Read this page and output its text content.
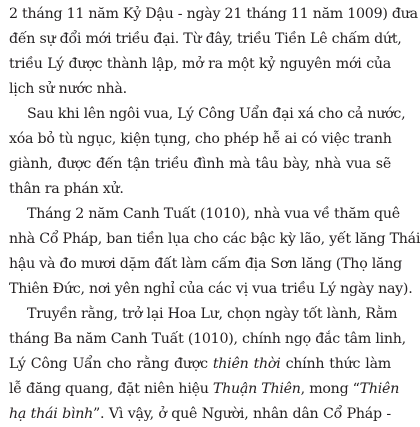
2 tháng 11 năm Kỷ Dậu - ngày 21 tháng 11 năm 1009) đưa
đến sự đổi mới triều đại. Từ đây, triều Tiền Lê chấm dứt,
triều Lý được thành lập, mở ra một kỷ nguyên mới của
lịch sử nước nhà.
Sau khi lên ngôi vua, Lý Công Uẩn đại xá cho cả nước,
xóa bỏ tù ngục, kiện tụng, cho phép hễ ai có việc tranh
giành, được đến tận triều đình mà tâu bày, nhà vua sẽ
thân ra phán xử.
Tháng 2 năm Canh Tuất (1010), nhà vua về thăm quê
nhà Cổ Pháp, ban tiền lụa cho các bậc kỳ lão, yết lăng Thái
hậu và đo mươi dặm đất làm cấm địa Sơn lăng (Thọ lăng
Thiên Đức, nơi yên nghỉ của các vị vua triều Lý ngày nay).
Truyền rằng, trở lại Hoa Lư, chọn ngày tốt lành, Rằm
tháng Ba năm Canh Tuất (1010), chính ngọ đắc tâm linh,
Lý Công Uẩn cho rằng được thiên thời chính thức làm
lễ đăng quang, đặt niên hiệu Thuận Thiên, mong “Thiên
hạ thái bình”. Vì vậy, ở quê Người, nhân dân Cổ Pháp -
